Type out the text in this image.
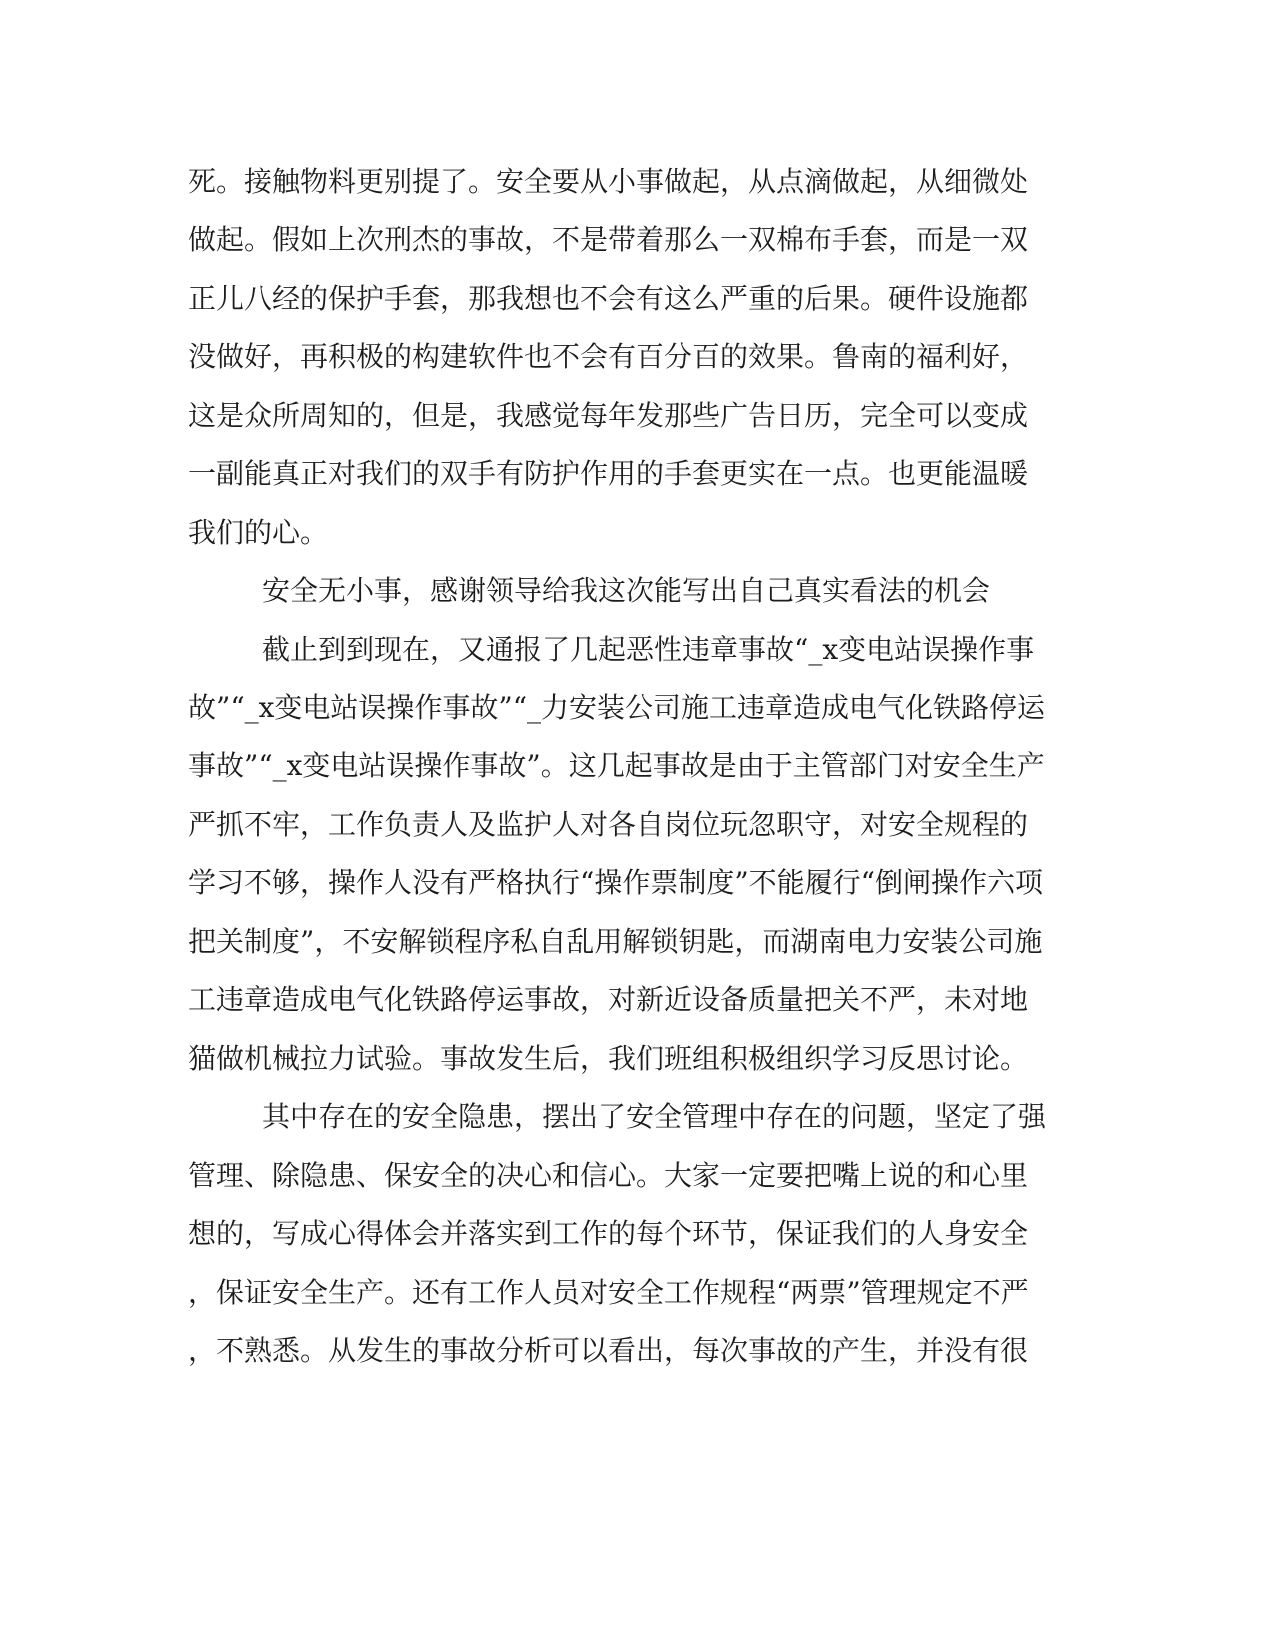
死。接触物料更别提了。安全要从小事做起，从点滴做起，从细微处

做起。假如上次刑杰的事故，不是带着那么一双棉布手套，而是一双

正儿八经的保护手套，那我想也不会有这么严重的后果。硬件设施都

没做好，再积极的构建软件也不会有百分百的效果。鲁南的福利好，

这是众所周知的，但是，我感觉每年发那些广告日历，完全可以变成

一副能真正对我们的双手有防护作用的手套更实在一点。也更能温暖

我们的心。

安全无小事，感谢领导给我这次能写出自己真实看法的机会

截止到到现在，又通报了几起恶性违章事故“_x变电站误操作事

故”“_x变电站误操作事故”“_力安装公司施工违章造成电气化铁路停运

事故”“_x变电站误操作事故”。这几起事故是由于主管部门对安全生产

严抓不牢，工作负责人及监护人对各自岗位玩忽职守，对安全规程的

学习不够，操作人没有严格执行“操作票制度”不能履行“倒闸操作六项

把关制度”，不安解锁程序私自乱用解锁钥匙，而湖南电力安装公司施

工违章造成电气化铁路停运事故，对新近设备质量把关不严，未对地

猫做机械拉力试验。事故发生后，我们班组积极组织学习反思讨论。

其中存在的安全隐患，摆出了安全管理中存在的问题，坚定了强

管理、除隐患、保安全的决心和信心。大家一定要把嘴上说的和心里

想的，写成心得体会并落实到工作的每个环节，保证我们的人身安全

，保证安全生产。还有工作人员对安全工作规程“两票”管理规定不严

，不熟悉。从发生的事故分析可以看出，每次事故的产生，并没有很
